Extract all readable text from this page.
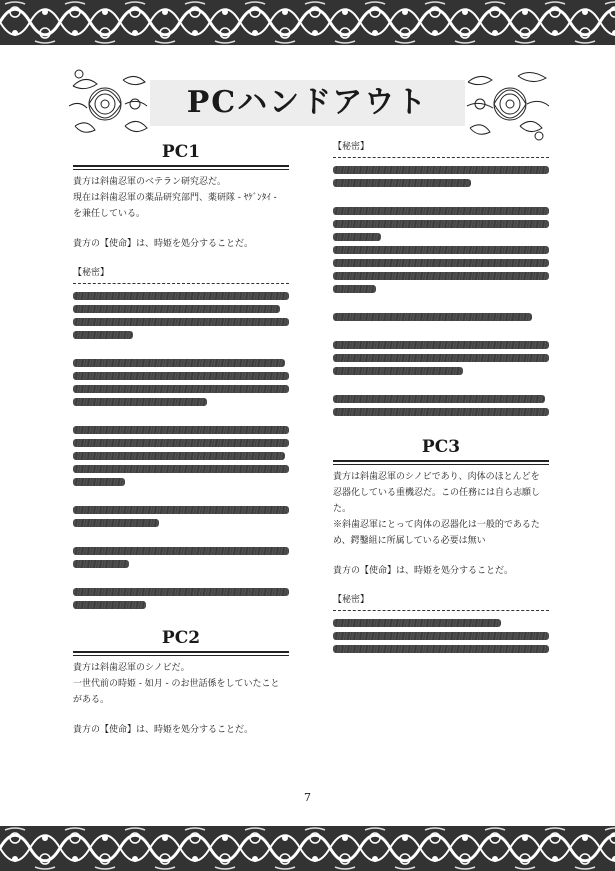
PCハンドアウト
PC1
貴方は斜歯忍軍のベテラン研究忍だ。
現在は斜歯忍軍の薬品研究部門、薬研隊 - ﾔｹﾞﾝﾀｲ -
を兼任している。
貴方の【使命】は、時姫を処分することだ。
【秘密】
PC2
貴方は斜歯忍軍のシノビだ。
一世代前の時姫 - 如月 - のお世話係をしていたこと
がある。
貴方の【使命】は、時姫を処分することだ。
【秘密】
PC3
貴方は斜歯忍軍のシノビであり、肉体のほとんどを
忍器化している重機忍だ。この任務には自ら志願し
た。
※斜歯忍軍にとって肉体の忍器化は一般的であるた
め、鍔鑿組に所属している必要は無い
貴方の【使命】は、時姫を処分することだ。
【秘密】
7
